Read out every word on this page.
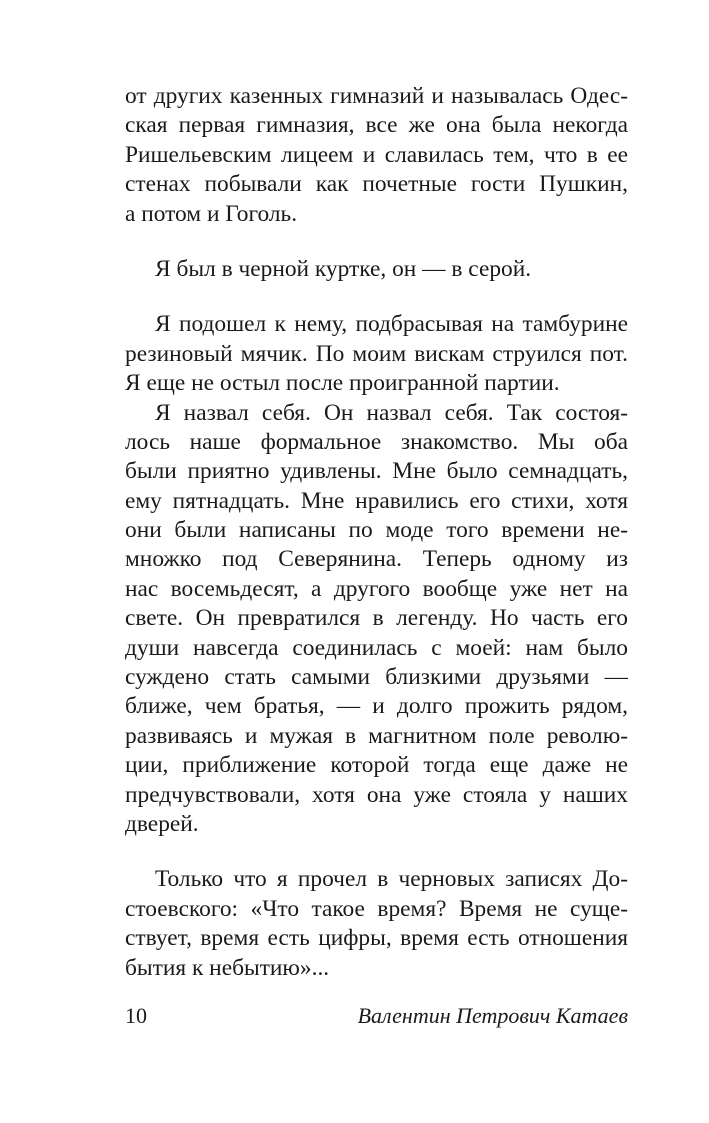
от других казенных гимназий и называлась Одес-
ская первая гимназия, все же она была некогда
Ришельевским лицеем и славилась тем, что в ее
стенах побывали как почетные гости Пушкин,
а потом и Гоголь.
Я был в черной куртке, он — в серой.
Я подошел к нему, подбрасывая на тамбурине
резиновый мячик. По моим вискам струился пот.
Я еще не остыл после проигранной партии.
Я назвал себя. Он назвал себя. Так состоя-
лось наше формальное знакомство. Мы оба
были приятно удивлены. Мне было семнадцать,
ему пятнадцать. Мне нравились его стихи, хотя
они были написаны по моде того времени не-
множко под Северянина. Теперь одному из
нас восемьдесят, а другого вообще уже нет на
свете. Он превратился в легенду. Но часть его
души навсегда соединилась с моей: нам было
суждено стать самыми близкими друзьями —
ближе, чем братья, — и долго прожить рядом,
развиваясь и мужая в магнитном поле револю-
ции, приближение которой тогда еще даже не
предчувствовали, хотя она уже стояла у наших
дверей.
Только что я прочел в черновых записях До-
стоевского: «Что такое время? Время не суще-
ствует, время есть цифры, время есть отношения
бытия к небытию»...
10	Валентин Петрович Катаев
